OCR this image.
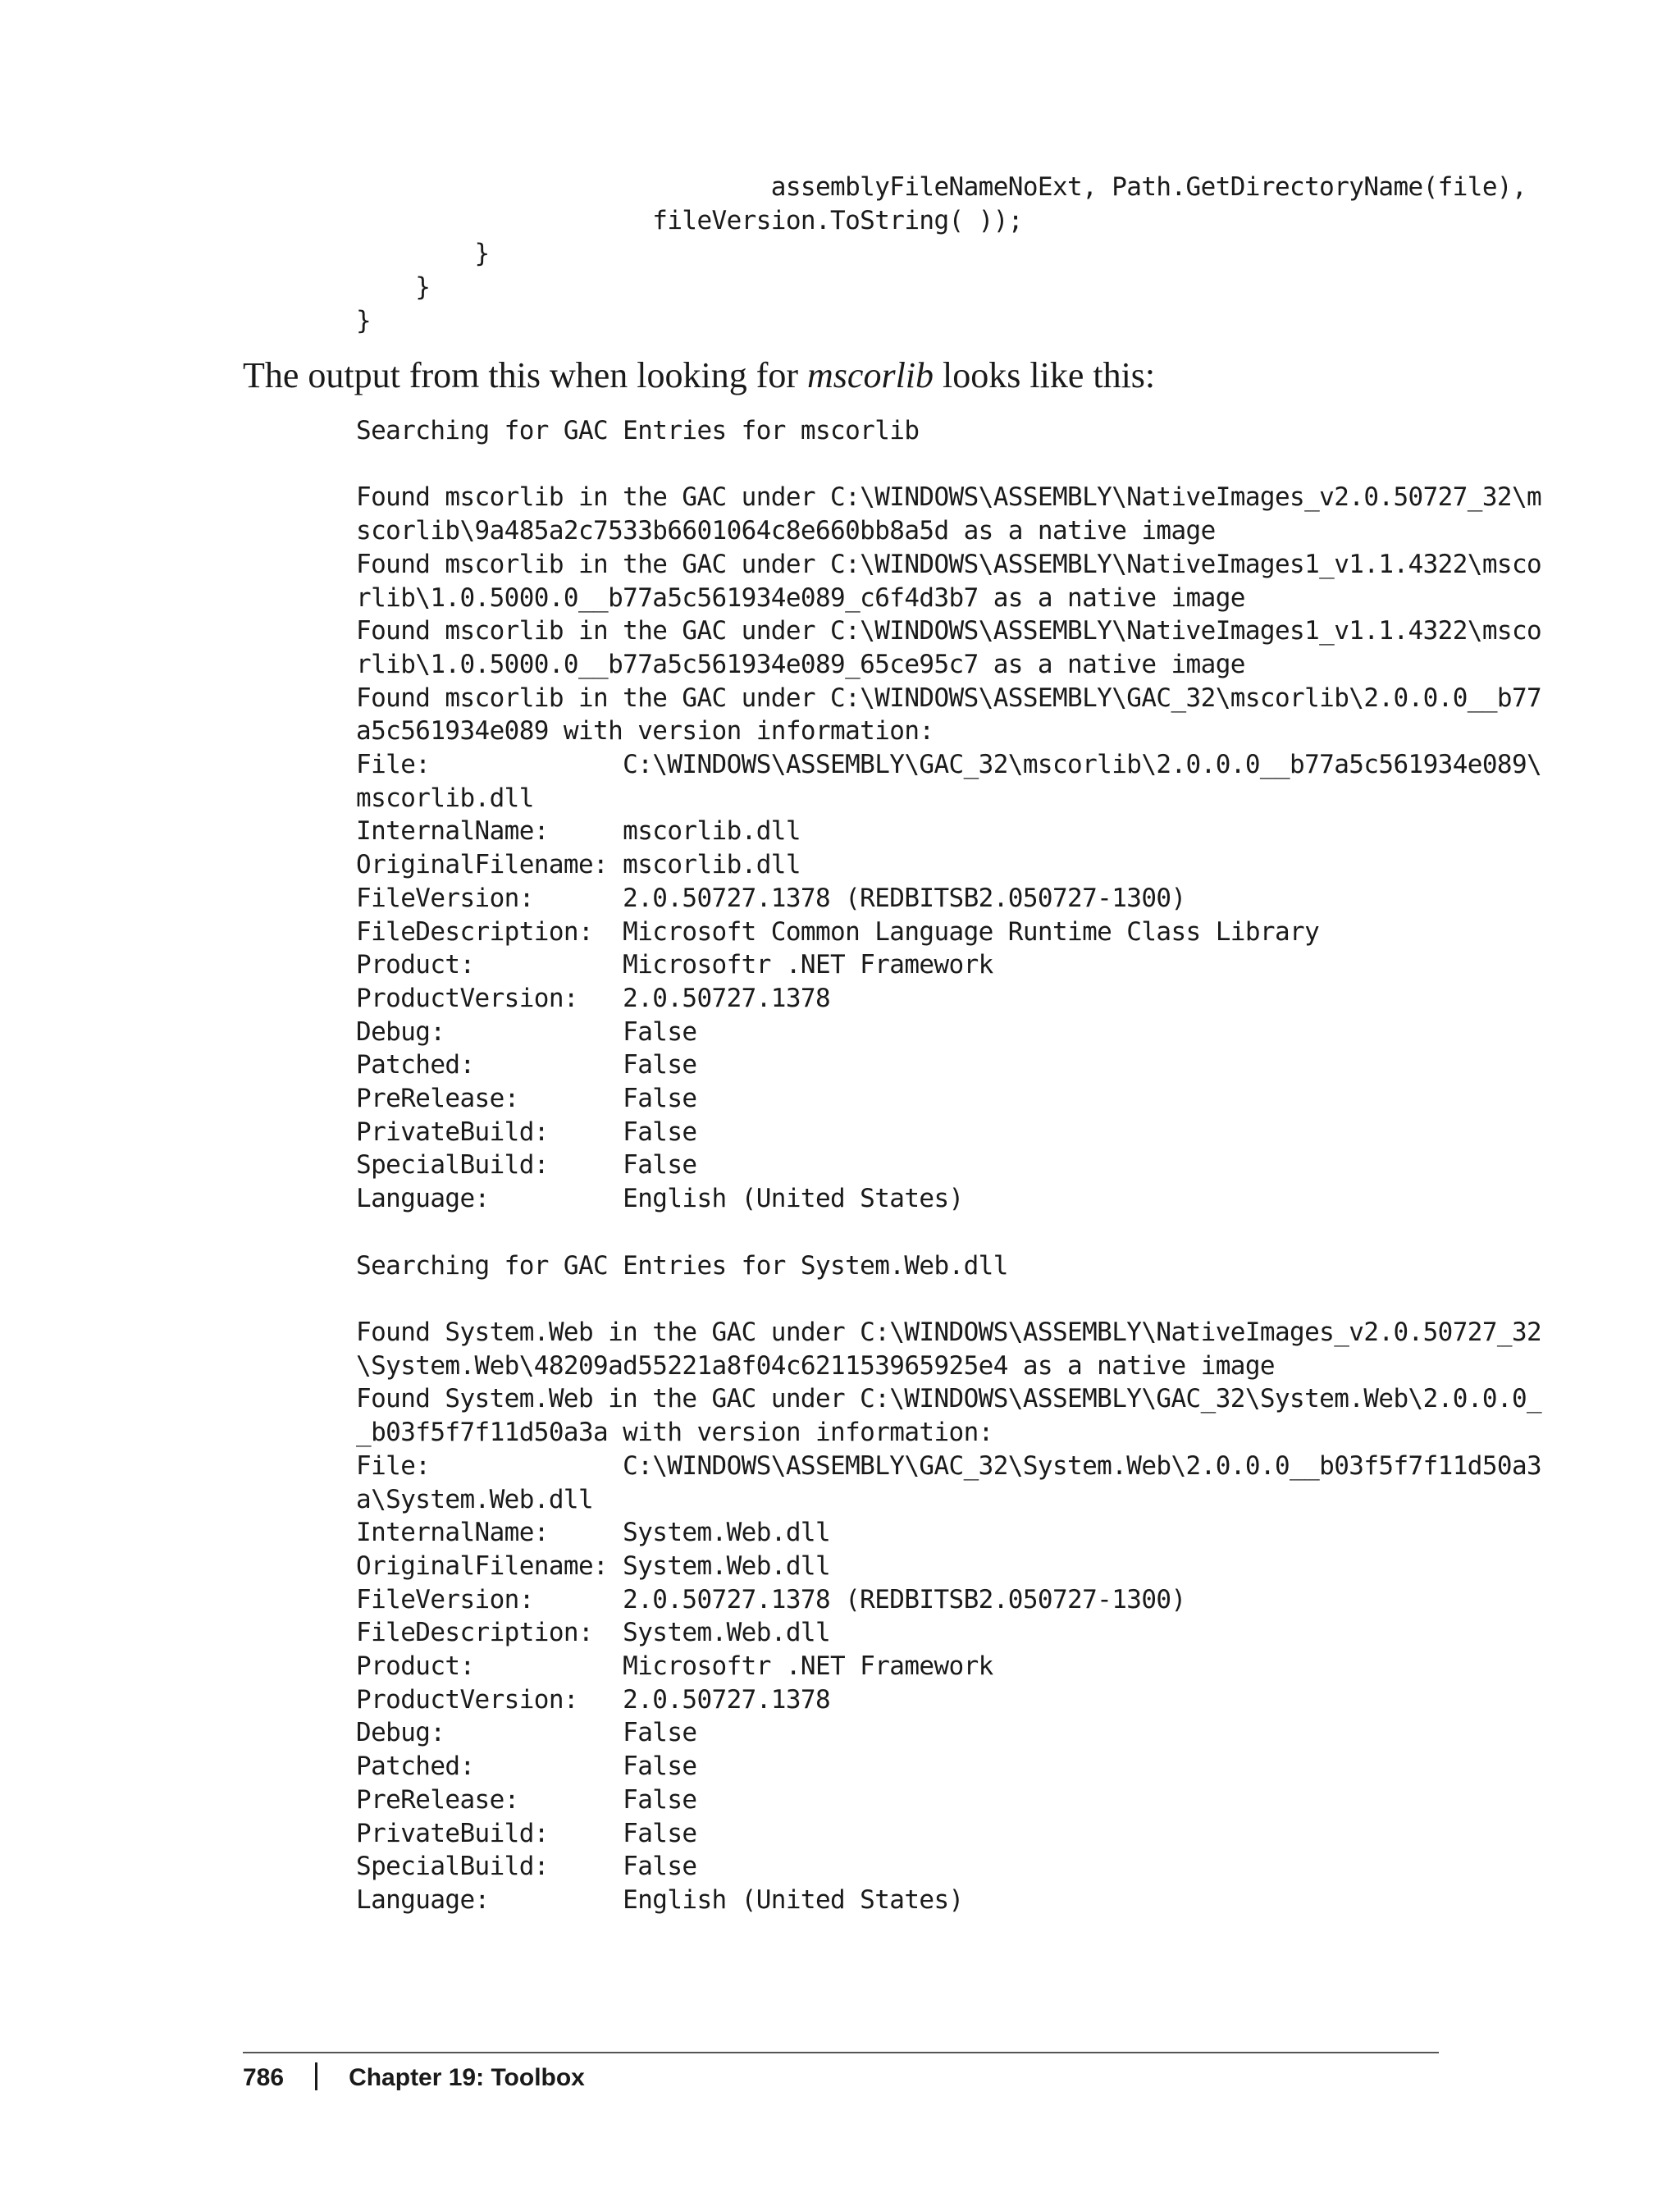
assemblyFileNameNoExt, Path.GetDirectoryName(file),
fileVersion.ToString( ));
}
}
}

The output from this when looking for mscorlib looks like this:

Searching for GAC Entries for mscorlib

Found mscorlib in the GAC under C:\WINDOWS\ASSEMBLY\NativeImages_v2.0.50727_32\m
scorlib\9a485a2c7533b6601064c8e660bb8a5d as a native image
Found mscorlib in the GAC under C:\WINDOWS\ASSEMBLY\NativeImages1_v1.1.4322\msco
rlib\1.0.5000.0__b77a5c561934e089_c6f4d3b7 as a native image
Found mscorlib in the GAC under C:\WINDOWS\ASSEMBLY\NativeImages1_v1.1.4322\msco
rlib\1.0.5000.0__b77a5c561934e089_65ce95c7 as a native image
Found mscorlib in the GAC under C:\WINDOWS\ASSEMBLY\GAC_32\mscorlib\2.0.0.0__b77
a5c561934e089 with version information:
File:             C:\WINDOWS\ASSEMBLY\GAC_32\mscorlib\2.0.0.0__b77a5c561934e089\
mscorlib.dll
InternalName:     mscorlib.dll
OriginalFilename: mscorlib.dll
FileVersion:      2.0.50727.1378 (REDBITSB2.050727-1300)
FileDescription:  Microsoft Common Language Runtime Class Library
Product:          Microsoftr .NET Framework
ProductVersion:   2.0.50727.1378
Debug:            False
Patched:          False
PreRelease:       False
PrivateBuild:     False
SpecialBuild:     False
Language:         English (United States)

Searching for GAC Entries for System.Web.dll

Found System.Web in the GAC under C:\WINDOWS\ASSEMBLY\NativeImages_v2.0.50727_32
\System.Web\48209ad55221a8f04c621153965925e4 as a native image
Found System.Web in the GAC under C:\WINDOWS\ASSEMBLY\GAC_32\System.Web\2.0.0.0_
_b03f5f7f11d50a3a with version information:
File:             C:\WINDOWS\ASSEMBLY\GAC_32\System.Web\2.0.0.0__b03f5f7f11d50a3
a\System.Web.dll
InternalName:     System.Web.dll
OriginalFilename: System.Web.dll
FileVersion:      2.0.50727.1378 (REDBITSB2.050727-1300)
FileDescription:  System.Web.dll
Product:          Microsoftr .NET Framework
ProductVersion:   2.0.50727.1378
Debug:            False
Patched:          False
PreRelease:       False
PrivateBuild:     False
SpecialBuild:     False
Language:         English (United States)
786	Chapter 19: Toolbox
